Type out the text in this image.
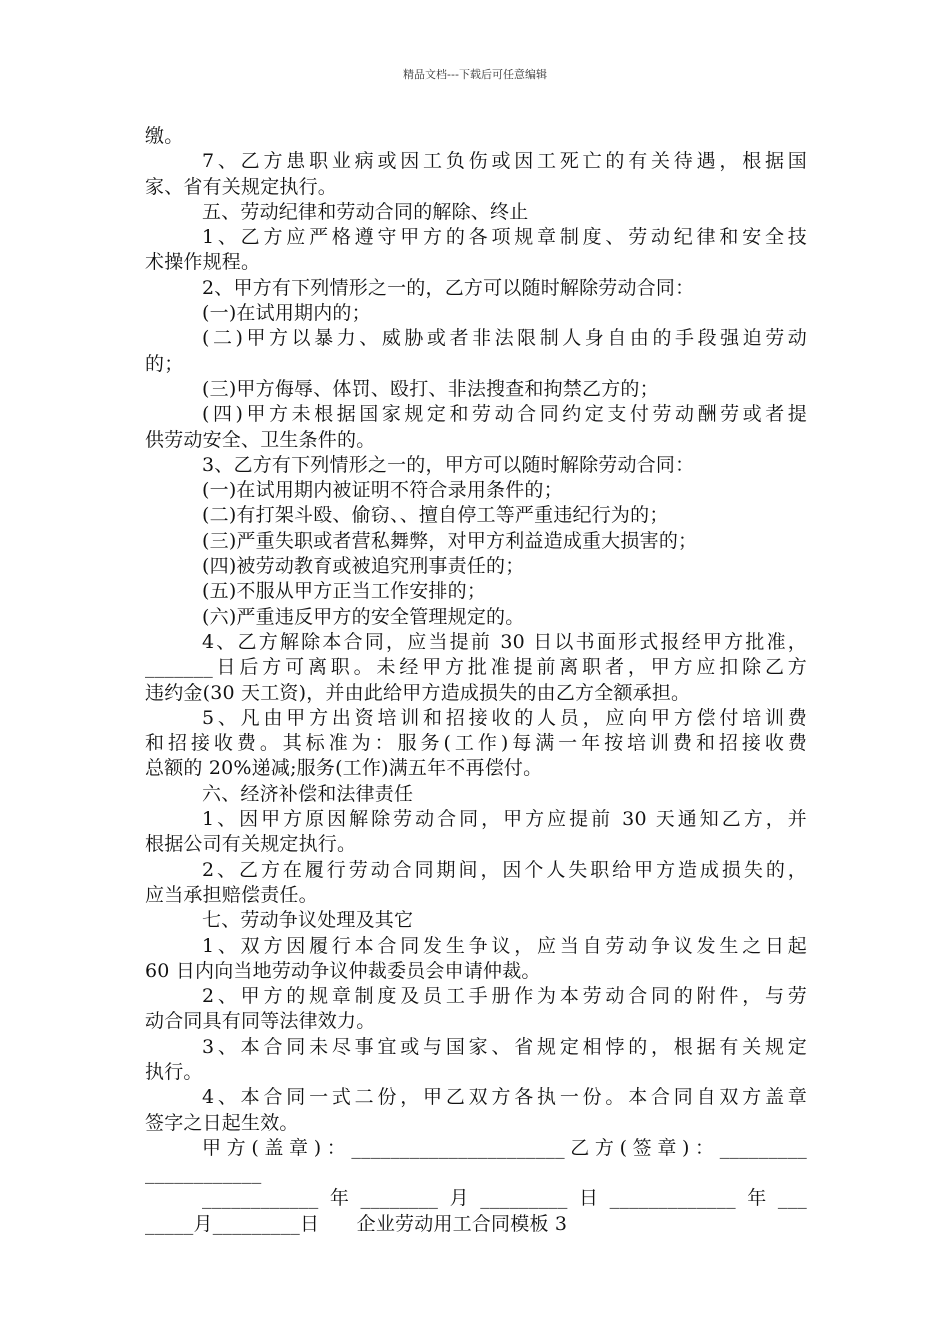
精品文档---下载后可任意编辑
缴。
7、乙方患职业病或因工负伤或因工死亡的有关待遇，根据国
家、省有关规定执行。
五、劳动纪律和劳动合同的解除、终止
1、乙方应严格遵守甲方的各项规章制度、劳动纪律和安全技
术操作规程。
2、甲方有下列情形之一的，乙方可以随时解除劳动合同：
(一)在试用期内的；
(二)甲方以暴力、威胁或者非法限制人身自由的手段强迫劳动
的；
(三)甲方侮辱、体罚、殴打、非法搜查和拘禁乙方的；
(四)甲方未根据国家规定和劳动合同约定支付劳动酬劳或者提
供劳动安全、卫生条件的。
3、乙方有下列情形之一的，甲方可以随时解除劳动合同：
(一)在试用期内被证明不符合录用条件的；
(二)有打架斗殴、偷窃、、擅自停工等严重违纪行为的；
(三)严重失职或者营私舞弊，对甲方利益造成重大损害的；
(四)被劳动教育或被追究刑事责任的；
(五)不服从甲方正当工作安排的；
(六)严重违反甲方的安全管理规定的。
4、乙方解除本合同，应当提前 30 日以书面形式报经甲方批准，
_______日后方可离职。未经甲方批准提前离职者，甲方应扣除乙方
违约金(30 天工资)，并由此给甲方造成损失的由乙方全额承担。
5、凡由甲方出资培训和招接收的人员，应向甲方偿付培训费
和招接收费。其标准为：服务(工作)每满一年按培训费和招接收费
总额的 20%递减;服务(工作)满五年不再偿付。
六、经济补偿和法律责任
1、因甲方原因解除劳动合同，甲方应提前 30 天通知乙方，并
根据公司有关规定执行。
2、乙方在履行劳动合同期间，因个人失职给甲方造成损失的，
应当承担赔偿责任。
七、劳动争议处理及其它
1、双方因履行本合同发生争议，应当自劳动争议发生之日起
60 日内向当地劳动争议仲裁委员会申请仲裁。
2、甲方的规章制度及员工手册作为本劳动合同的附件，与劳
动合同具有同等法律效力。
3、本合同未尽事宜或与国家、省规定相悖的，根据有关规定
执行。
4、本合同一式二份，甲乙双方各执一份。本合同自双方盖章
签字之日起生效。
甲方(盖章)：______________________乙方(签章)：_________
____________
____________年________月_________日_____________年___
_____月_________日      企业劳动用工合同模板 3
